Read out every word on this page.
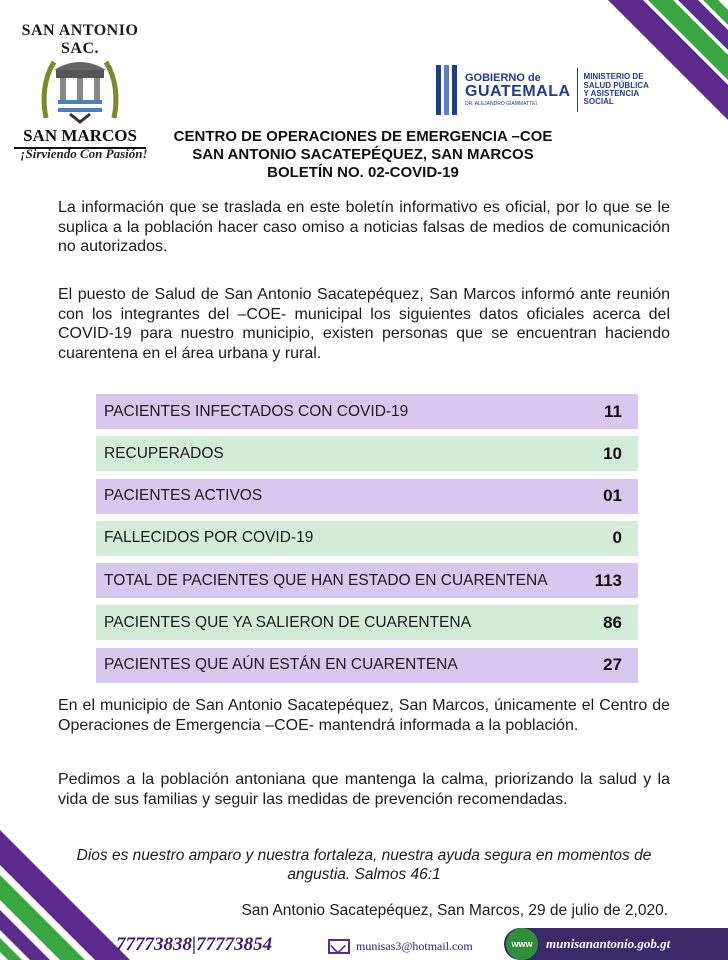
SAN ANTONIO SAC.
SAN MARCOS
¡Sirviendo Con Pasión!
GOBIERNO de
GUATEMALA
DR. ALEJANDRO GIAMMATTEI
MINISTERIO DE SALUD PÚBLICA Y ASISTENCIA SOCIAL
CENTRO DE OPERACIONES DE EMERGENCIA –COE
SAN ANTONIO SACATEPÉQUEZ, SAN MARCOS
BOLETÍN NO. 02-COVID-19

La información que se traslada en este boletín informativo es oficial, por lo que se le suplica a la población hacer caso omiso a noticias falsas de medios de comunicación no autorizados.

El puesto de Salud de San Antonio Sacatepéquez, San Marcos informó ante reunión con los integrantes del –COE- municipal los siguientes datos oficiales acerca del COVID-19 para nuestro municipio, existen personas que se encuentran haciendo cuarentena en el área urbana y rural.

PACIENTES INFECTADOS CON COVID-19	11
RECUPERADOS	10
PACIENTES ACTIVOS	01
FALLECIDOS POR COVID-19	0
TOTAL DE PACIENTES QUE HAN ESTADO EN CUARENTENA	113
PACIENTES QUE YA SALIERON DE CUARENTENA	86
PACIENTES QUE AÚN ESTÁN EN CUARENTENA	27

En el municipio de San Antonio Sacatepéquez, San Marcos, únicamente el Centro de Operaciones de Emergencia –COE- mantendrá informada a la población.

Pedimos a la población antoniana que mantenga la calma, priorizando la salud y la vida de sus familias y seguir las medidas de prevención recomendadas.

Dios es nuestro amparo y nuestra fortaleza, nuestra ayuda segura en momentos de angustia. Salmos 46:1

San Antonio Sacatepéquez, San Marcos, 29 de julio de 2,020.

77773838|77773854	munisas3@hotmail.com	www	munisanantonio.gob.gt
